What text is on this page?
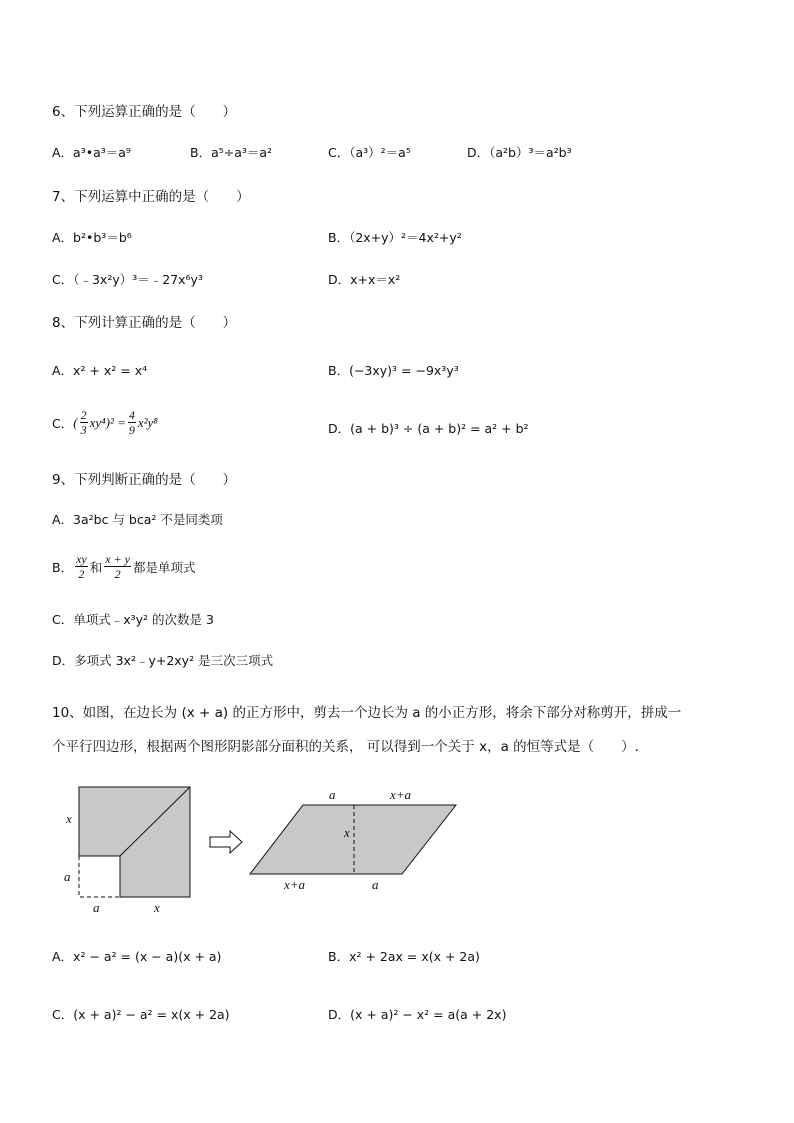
6、下列运算正确的是（　　）
A．a³•a³＝a⁹	B．a⁵÷a³＝a²	C．（a³）²＝a⁵	D．（a²b）³＝a²b³
7、下列运算中正确的是（　　）
A．b²•b³＝b⁶	B．（2x+y）²＝4x²+y²
C．（﹣3x²y）³＝﹣27x⁶y³	D．x+x＝x²
8、下列计算正确的是（　　）
A．x² + x² = x⁴	B．(−3xy)³ = −9x³y³
C． ( $\frac{2}{3} xy^4)^2 = \frac{4}{9} x^2y^8$	D．(a + b)³ ÷ (a + b)² = a² + b²
9、下列判断正确的是（　　）
A．3a²bc 与 bca² 不是同类项
B． $\frac{xy}{2}$ 和 $\frac{x + y}{2}$ 都是单项式
C．单项式﹣x³y² 的次数是 3
D．多项式 3x²﹣y+2xy² 是三次三项式
10、如图，在边长为 (x + a) 的正方形中，剪去一个边长为 a 的小正方形，将余下部分对称剪开，拼成一
个平行四边形，根据两个图形阴影部分面积的关系， 可以得到一个关于 x，a 的恒等式是（　　）.
x
a
a	x
a	x+a
x
x+a	a
A．x² − a² = (x − a)(x + a)	B．x² + 2ax = x(x + 2a)
C．(x + a)² − a² = x(x + 2a)	D．(x + a)² − x² = a(a + 2x)
